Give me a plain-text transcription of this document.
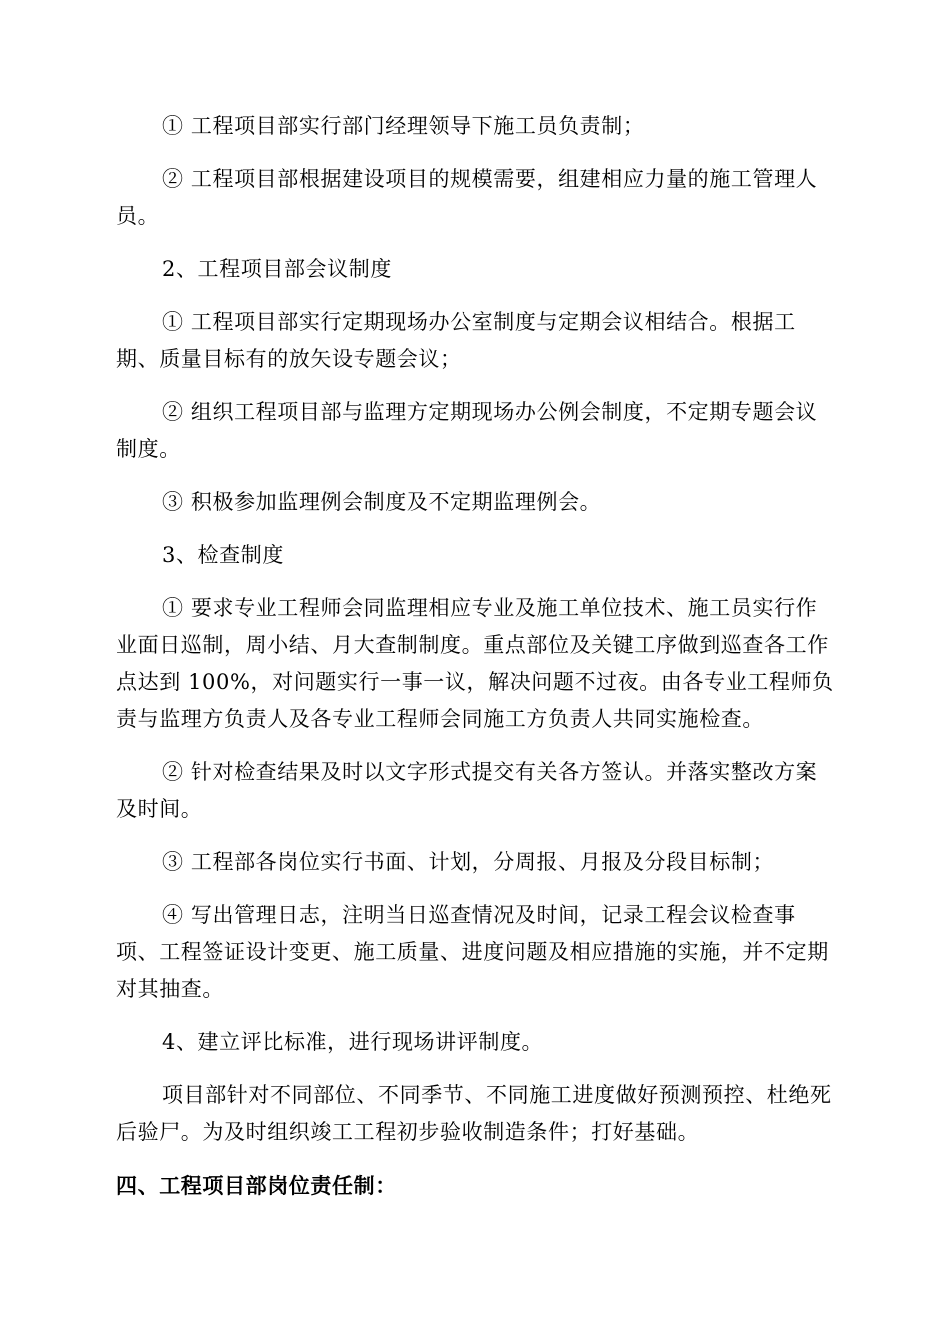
① 工程项目部实行部门经理领导下施工员负责制；

② 工程项目部根据建设项目的规模需要，组建相应力量的施工管理人员。

2、工程项目部会议制度

① 工程项目部实行定期现场办公室制度与定期会议相结合。根据工期、质量目标有的放矢设专题会议；

② 组织工程项目部与监理方定期现场办公例会制度，不定期专题会议制度。

③ 积极参加监理例会制度及不定期监理例会。

3、检查制度

① 要求专业工程师会同监理相应专业及施工单位技术、施工员实行作业面日巡制，周小结、月大查制制度。重点部位及关键工序做到巡查各工作点达到 100%，对问题实行一事一议，解决问题不过夜。由各专业工程师负责与监理方负责人及各专业工程师会同施工方负责人共同实施检查。

② 针对检查结果及时以文字形式提交有关各方签认。并落实整改方案及时间。

③ 工程部各岗位实行书面、计划，分周报、月报及分段目标制；

④ 写出管理日志，注明当日巡查情况及时间，记录工程会议检查事项、工程签证设计变更、施工质量、进度问题及相应措施的实施，并不定期对其抽查。

4、建立评比标准，进行现场讲评制度。

项目部针对不同部位、不同季节、不同施工进度做好预测预控、杜绝死后验尸。为及时组织竣工工程初步验收制造条件；打好基础。

四、工程项目部岗位责任制：
